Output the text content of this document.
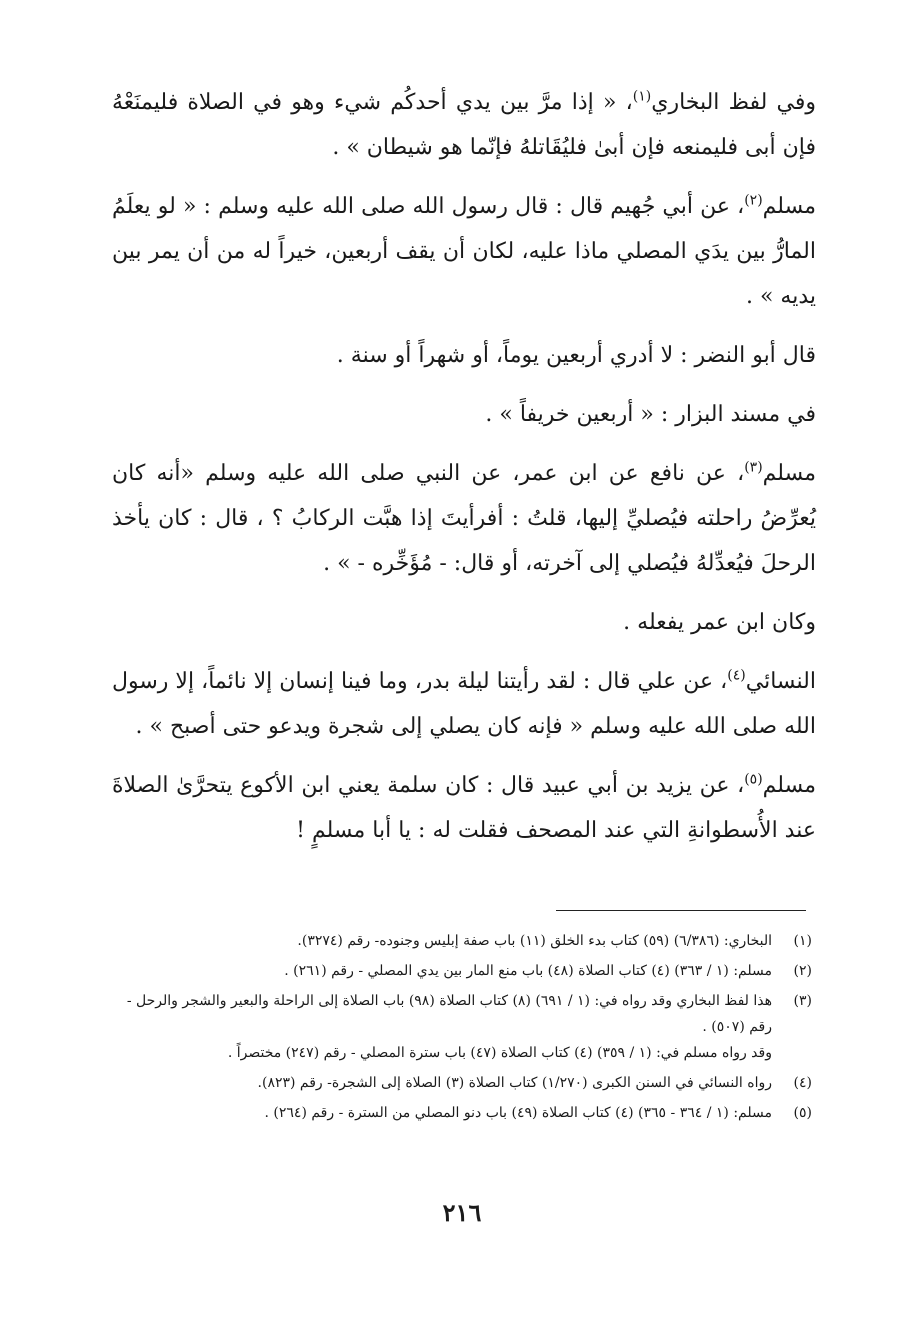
وفي لفظ البخاري$^{(١)}$، « إذا مرَّ بين يدي أحدكُم شيء وهو في الصلاة فليمنَعْهُ فإن أبى فليمنعه فإن أبىٰ فليُقَاتلهُ فإنّما هو شيطان » .

مسلم$^{(٢)}$، عن أبي جُهيم قال : قال رسول الله صلى الله عليه وسلم : « لو يعلَمُ المارُّ بين يدَي المصلي ماذا عليه، لكان أن يقف أربعين، خيراً له من أن يمر بين يديه » .

قال أبو النضر : لا أدري أربعين يوماً، أو شهراً أو سنة .

في مسند البزار : « أربعين خريفاً » .

مسلم$^{(٣)}$، عن نافع عن ابن عمر، عن النبي صلى الله عليه وسلم «أنه كان يُعرِّضُ راحلته فيُصليِّ إليها، قلتُ : أفرأيتَ إذا هبَّت الركابُ ؟ ، قال : كان يأخذ الرحلَ فيُعدِّلهُ فيُصلي إلى آخرته، أو قال: - مُؤَخِّره - » .

وكان ابن عمر يفعله .

النسائي$^{(٤)}$، عن علي قال : لقد رأيتنا ليلة بدر، وما فينا إنسان إلا نائماً، إلا رسول الله صلى الله عليه وسلم « فإنه كان يصلي إلى شجرة ويدعو حتى أصبح » .

مسلم$^{(٥)}$، عن يزيد بن أبي عبيد قال : كان سلمة يعني ابن الأكوع يتحرَّىٰ الصلاةَ عند الأُسطوانةِ التي عند المصحف فقلت له : يا أبا مسلمٍ !

(١)

البخاري: (٦/٣٨٦) (٥٩) كتاب بدء الخلق (١١) باب صفة إبليس وجنوده- رقم (٣٢٧٤).

(٢)

مسلم: (١ / ٣٦٣) (٤) كتاب الصلاة (٤٨) باب منع المار بين يدي المصلي - رقم (٢٦١) .

(٣)

هذا لفظ البخاري وقد رواه في: (١ / ٦٩١) (٨) كتاب الصلاة (٩٨) باب الصلاة إلى الراحلة والبعير والشجر والرحل - رقم (٥٠٧) .

وقد رواه مسلم في: (١ / ٣٥٩) (٤) كتاب الصلاة (٤٧) باب سترة المصلي - رقم (٢٤٧) مختصراً .

(٤)

رواه النسائي في السنن الكبرى (١/٢٧٠) كتاب الصلاة (٣) الصلاة إلى الشجرة- رقم (٨٢٣).

(٥)

مسلم: (١ / ٣٦٤ - ٣٦٥) (٤) كتاب الصلاة (٤٩) باب دنو المصلي من السترة - رقم (٢٦٤) .

٢١٦
